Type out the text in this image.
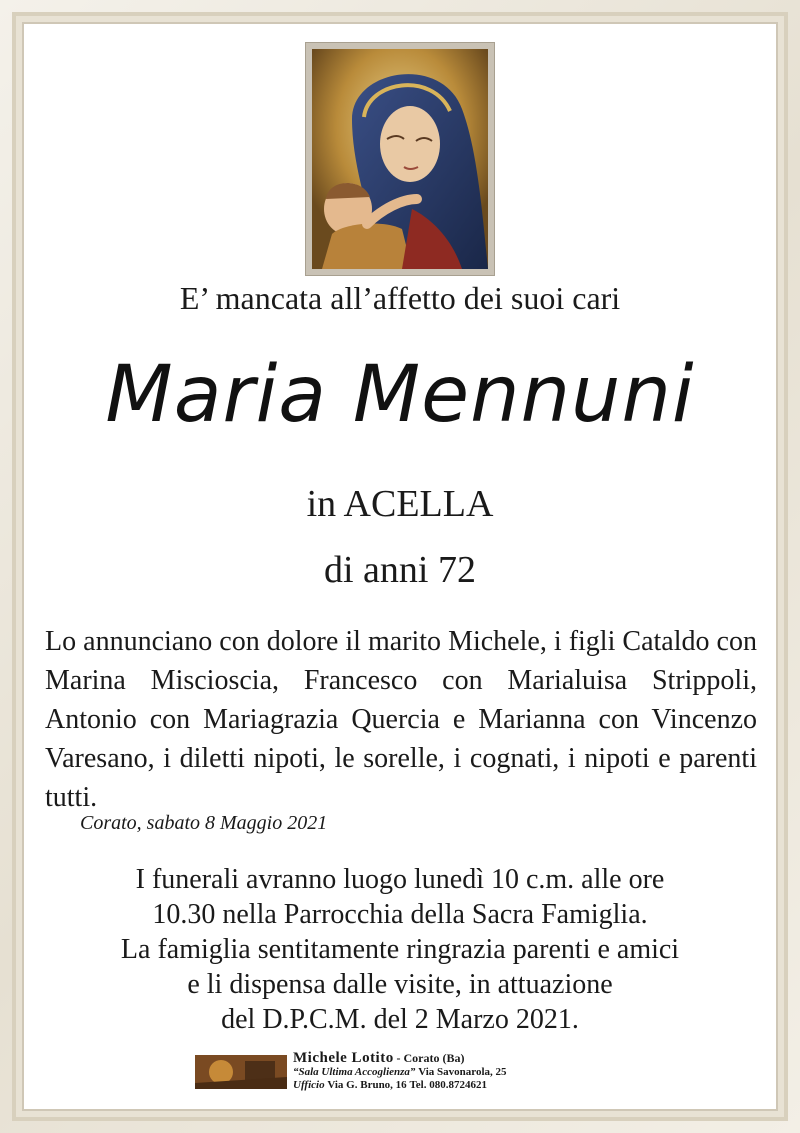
E’ mancata all’affetto dei suoi cari
Maria Mennuni
in ACELLA
di anni 72
Lo annunciano con dolore il marito Michele, i figli Cataldo con Marina Miscioscia, Francesco con Marialuisa Strippoli, Antonio con Mariagrazia Quercia e Marianna con Vincenzo Varesano, i diletti nipoti, le sorelle, i cognati, i nipoti e parenti tutti.
Corato, sabato 8 Maggio 2021
I funerali avranno luogo lunedì 10 c.m. alle ore
10.30 nella Parrocchia della Sacra Famiglia.
La famiglia sentitamente ringrazia parenti e amici
e li dispensa dalle visite, in attuazione
del D.P.C.M. del 2 Marzo 2021.
Michele Lotito - Corato (Ba)
“Sala Ultima Accoglienza” Via Savonarola, 25
Ufficio Via G. Bruno, 16 Tel. 080.8724621
